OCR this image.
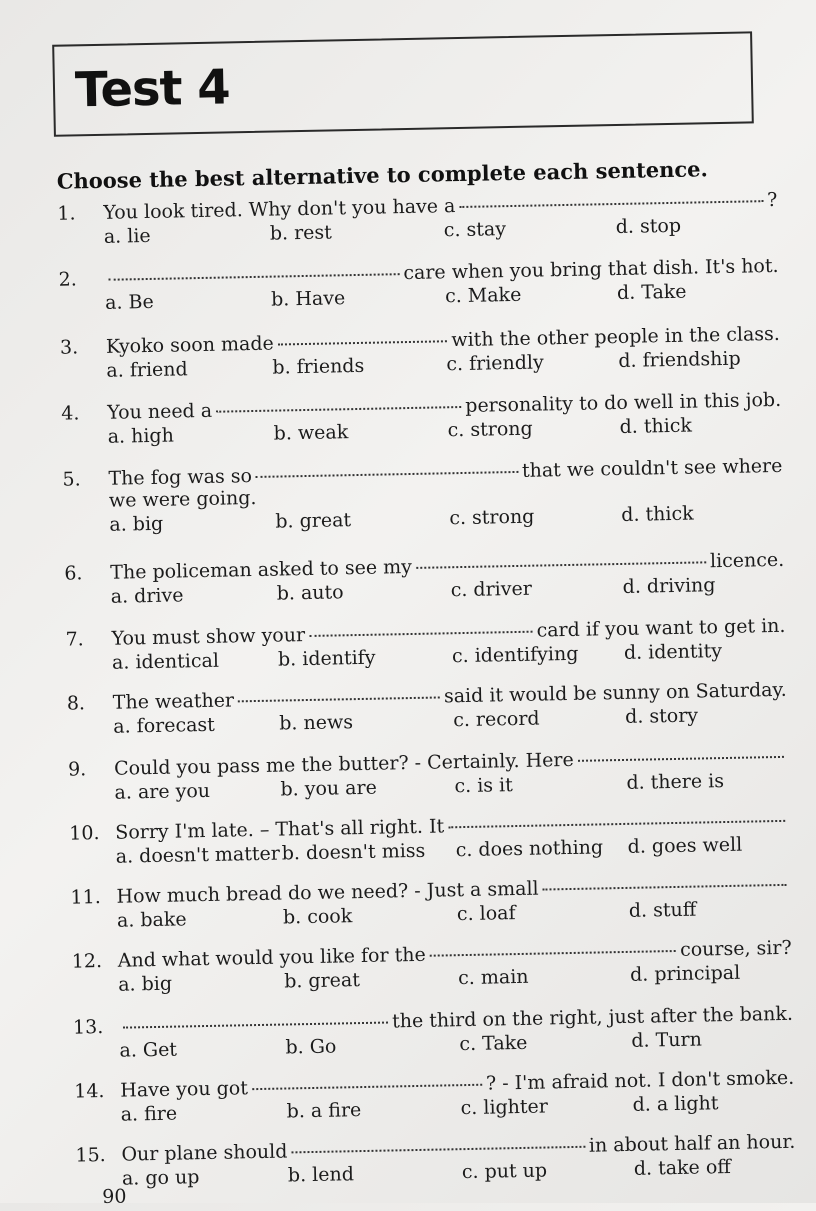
Test 4
Choose the best alternative to complete each sentence.
1.	You look tired. Why don't you have a	?
a. lie	b. rest	c. stay	d. stop
2.	care when you bring that dish. It's hot.
a. Be	b. Have	c. Make	d. Take
3.	Kyoko soon made	with the other people in the class.
a. friend	b. friends	c. friendly	d. friendship
4.	You need a	personality to do well in this job.
a. high	b. weak	c. strong	d. thick
5.	The fog was so	that we couldn't see where
we were going.
a. big	b. great	c. strong	d. thick
6.	The policeman asked to see my	licence.
a. drive	b. auto	c. driver	d. driving
7.	You must show your	card if you want to get in.
a. identical	b. identify	c. identifying d. identity
8.	The weather	said it would be sunny on Saturday.
a. forecast	b. news	c. record	d. story
9.	Could you pass me the butter? - Certainly. Here
a. are you	b. you are	c. is it	d. there is
10. Sorry I'm late. – That's all right. It
a. doesn't matter b. doesn't miss c. does nothing d. goes well
11. How much bread do we need? - Just a small
a. bake	b. cook	c. loaf	d. stuff
12. And what would you like for the	course, sir?
a. big	b. great	c. main	d. principal
13.	the third on the right, just after the bank.
a. Get	b. Go	c. Take	d. Turn
14. Have you got	? - I'm afraid not. I don't smoke.
a. fire	b. a fire	c. lighter	d. a light
15. Our plane should	in about half an hour.
a. go up	b. lend	c. put up	d. take off
90
